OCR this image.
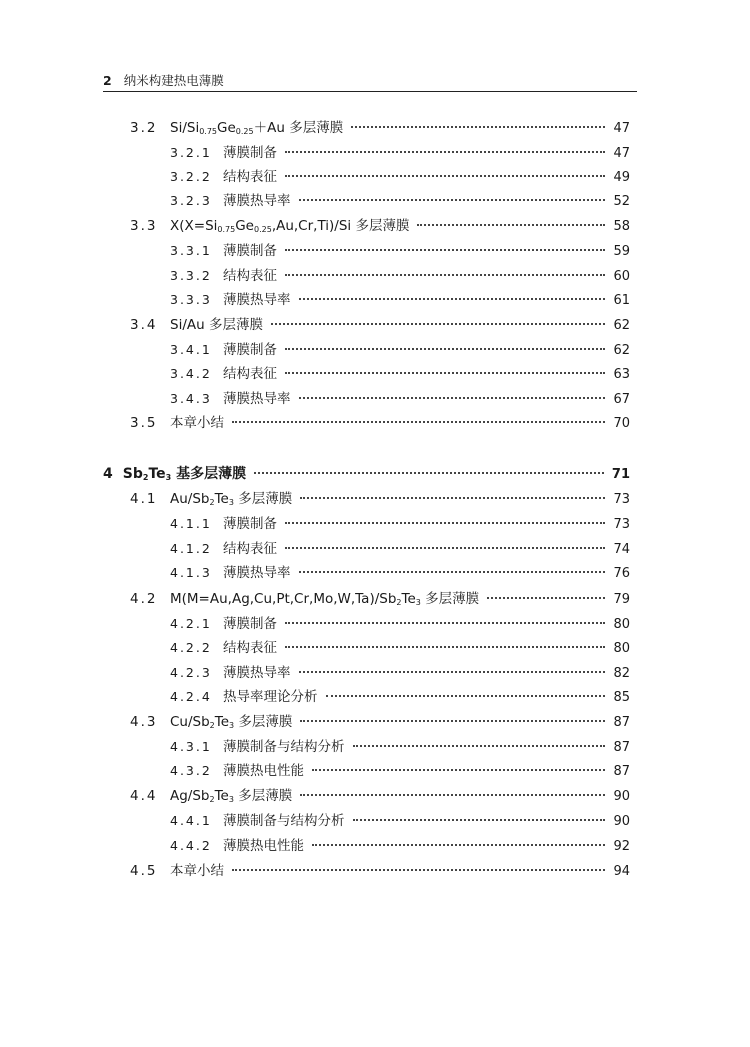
2 纳米构建热电薄膜
3.2 $Si/Si_{0.75}Ge_{0.25}+Au$ 多层薄膜	47
3.2.1 薄膜制备	47
3.2.2 结构表征	49
3.2.3 薄膜热导率	52
3.3 $X(X=Si_{0.75}Ge_{0.25},Au,Cr,Ti)/Si$ 多层薄膜	58
3.3.1 薄膜制备	59
3.3.2 结构表征	60
3.3.3 薄膜热导率	61
3.4 Si/Au 多层薄膜	62
3.4.1 薄膜制备	62
3.4.2 结构表征	63
3.4.3 薄膜热导率	67
3.5 本章小结	70
4 $Sb_2Te_3$ 基多层薄膜	71
4.1 $Au/Sb_2Te_3$ 多层薄膜	73
4.1.1 薄膜制备	73
4.1.2 结构表征	74
4.1.3 薄膜热导率	76
4.2 $M(M=Au,Ag,Cu,Pt,Cr,Mo,W,Ta)/Sb_2Te_3$ 多层薄膜	79
4.2.1 薄膜制备	80
4.2.2 结构表征	80
4.2.3 薄膜热导率	82
4.2.4 热导率理论分析	85
4.3 $Cu/Sb_2Te_3$ 多层薄膜	87
4.3.1 薄膜制备与结构分析	87
4.3.2 薄膜热电性能	87
4.4 $Ag/Sb_2Te_3$ 多层薄膜	90
4.4.1 薄膜制备与结构分析	90
4.4.2 薄膜热电性能	92
4.5 本章小结	94
